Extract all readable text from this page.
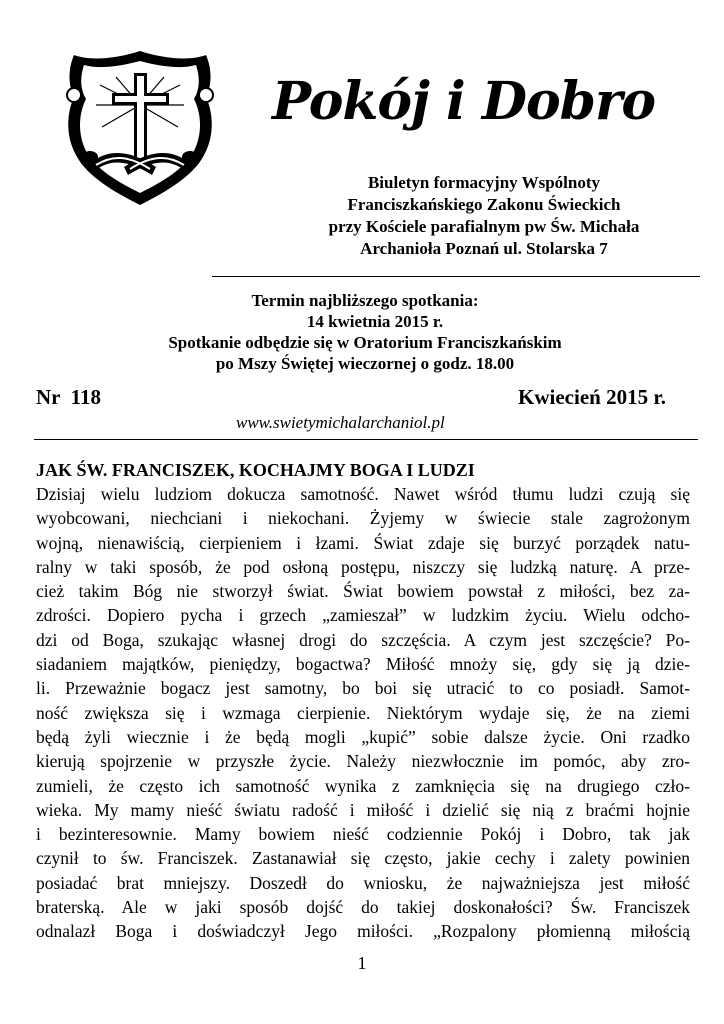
Pokój i Dobro
Biuletyn formacyjny Wspólnoty
Franciszkańskiego Zakonu Świeckich
przy Kościele parafialnym pw Św. Michała
Archanioła Poznań ul. Stolarska 7
Termin najbliższego spotkania:
14 kwietnia 2015 r.
Spotkanie odbędzie się w Oratorium Franciszkańskim
po Mszy Świętej wieczornej o godz. 18.00
Nr  118	Kwiecień 2015 r.
www.swietymichalarchaniol.pl
JAK ŚW. FRANCISZEK, KOCHAJMY BOGA I LUDZI
Dzisiaj wielu ludziom dokucza samotność. Nawet wśród tłumu ludzi czują się
wyobcowani, niechciani i niekochani. Żyjemy w świecie stale zagrożonym
wojną, nienawiścią, cierpieniem i łzami. Świat zdaje się burzyć porządek natu-
ralny w taki sposób, że pod osłoną postępu, niszczy się ludzką naturę. A prze-
cież takim Bóg nie stworzył świat. Świat bowiem powstał z miłości, bez za-
zdrości. Dopiero pycha i grzech „zamieszał” w ludzkim życiu. Wielu odcho-
dzi od Boga, szukając własnej drogi do szczęścia. A czym jest szczęście? Po-
siadaniem majątków, pieniędzy, bogactwa? Miłość mnoży się, gdy się ją dzie-
li. Przeważnie bogacz jest samotny, bo boi się utracić to co posiadł. Samot-
ność zwiększa się i wzmaga cierpienie. Niektórym wydaje się, że na ziemi
będą żyli wiecznie i że będą mogli „kupić” sobie dalsze życie. Oni rzadko
kierują spojrzenie w przyszłe życie. Należy niezwłocznie im pomóc, aby zro-
zumieli, że często ich samotność wynika z zamknięcia się na drugiego czło-
wieka. My mamy nieść światu radość i miłość i dzielić się nią z braćmi hojnie
i bezinteresownie. Mamy bowiem nieść codziennie Pokój i Dobro, tak jak
czynił to św. Franciszek. Zastanawiał się często, jakie cechy i zalety powinien
posiadać brat mniejszy. Doszedł do wniosku, że najważniejsza jest miłość
braterską. Ale w jaki sposób dojść do takiej doskonałości? Św. Franciszek
odnalazł Boga i doświadczył Jego miłości. „Rozpalony płomienną miłością
1
